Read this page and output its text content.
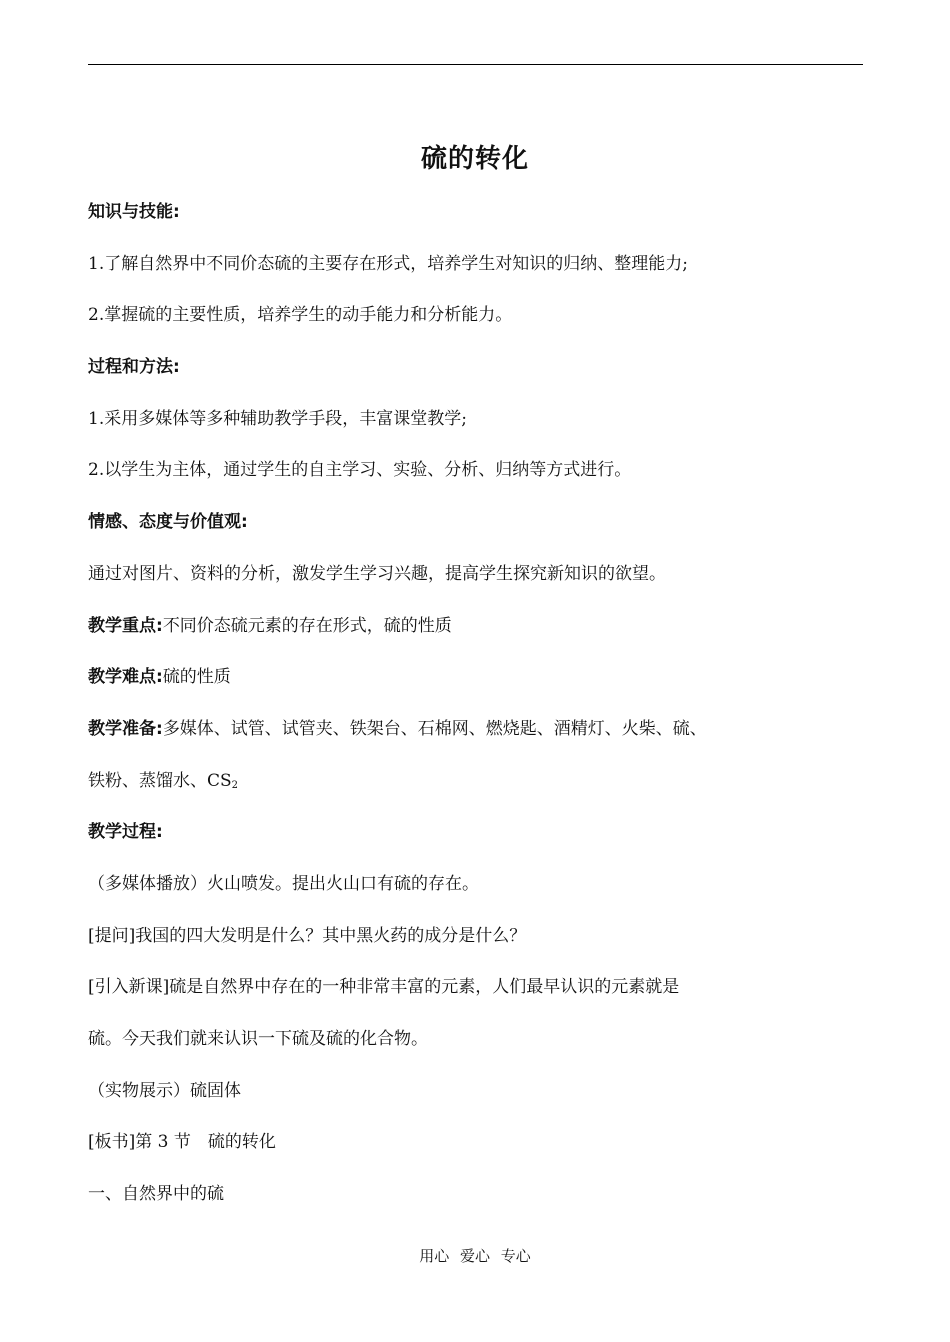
硫的转化
知识与技能:
1.了解自然界中不同价态硫的主要存在形式，培养学生对知识的归纳、整理能力;
2.掌握硫的主要性质，培养学生的动手能力和分析能力。
过程和方法:
1.采用多媒体等多种辅助教学手段，丰富课堂教学;
2.以学生为主体，通过学生的自主学习、实验、分析、归纳等方式进行。
情感、态度与价值观:
通过对图片、资料的分析，激发学生学习兴趣，提高学生探究新知识的欲望。
教学重点:不同价态硫元素的存在形式，硫的性质
教学难点:硫的性质
教学准备:多媒体、试管、试管夹、铁架台、石棉网、燃烧匙、酒精灯、火柴、硫、
铁粉、蒸馏水、$CS_2$
教学过程:
（多媒体播放）火山喷发。提出火山口有硫的存在。
[提问]我国的四大发明是什么？其中黑火药的成分是什么？
[引入新课]硫是自然界中存在的一种非常丰富的元素，人们最早认识的元素就是
硫。今天我们就来认识一下硫及硫的化合物。
（实物展示）硫固体
[板书]第 3 节　硫的转化
一、自然界中的硫
用心 爱心 专心
